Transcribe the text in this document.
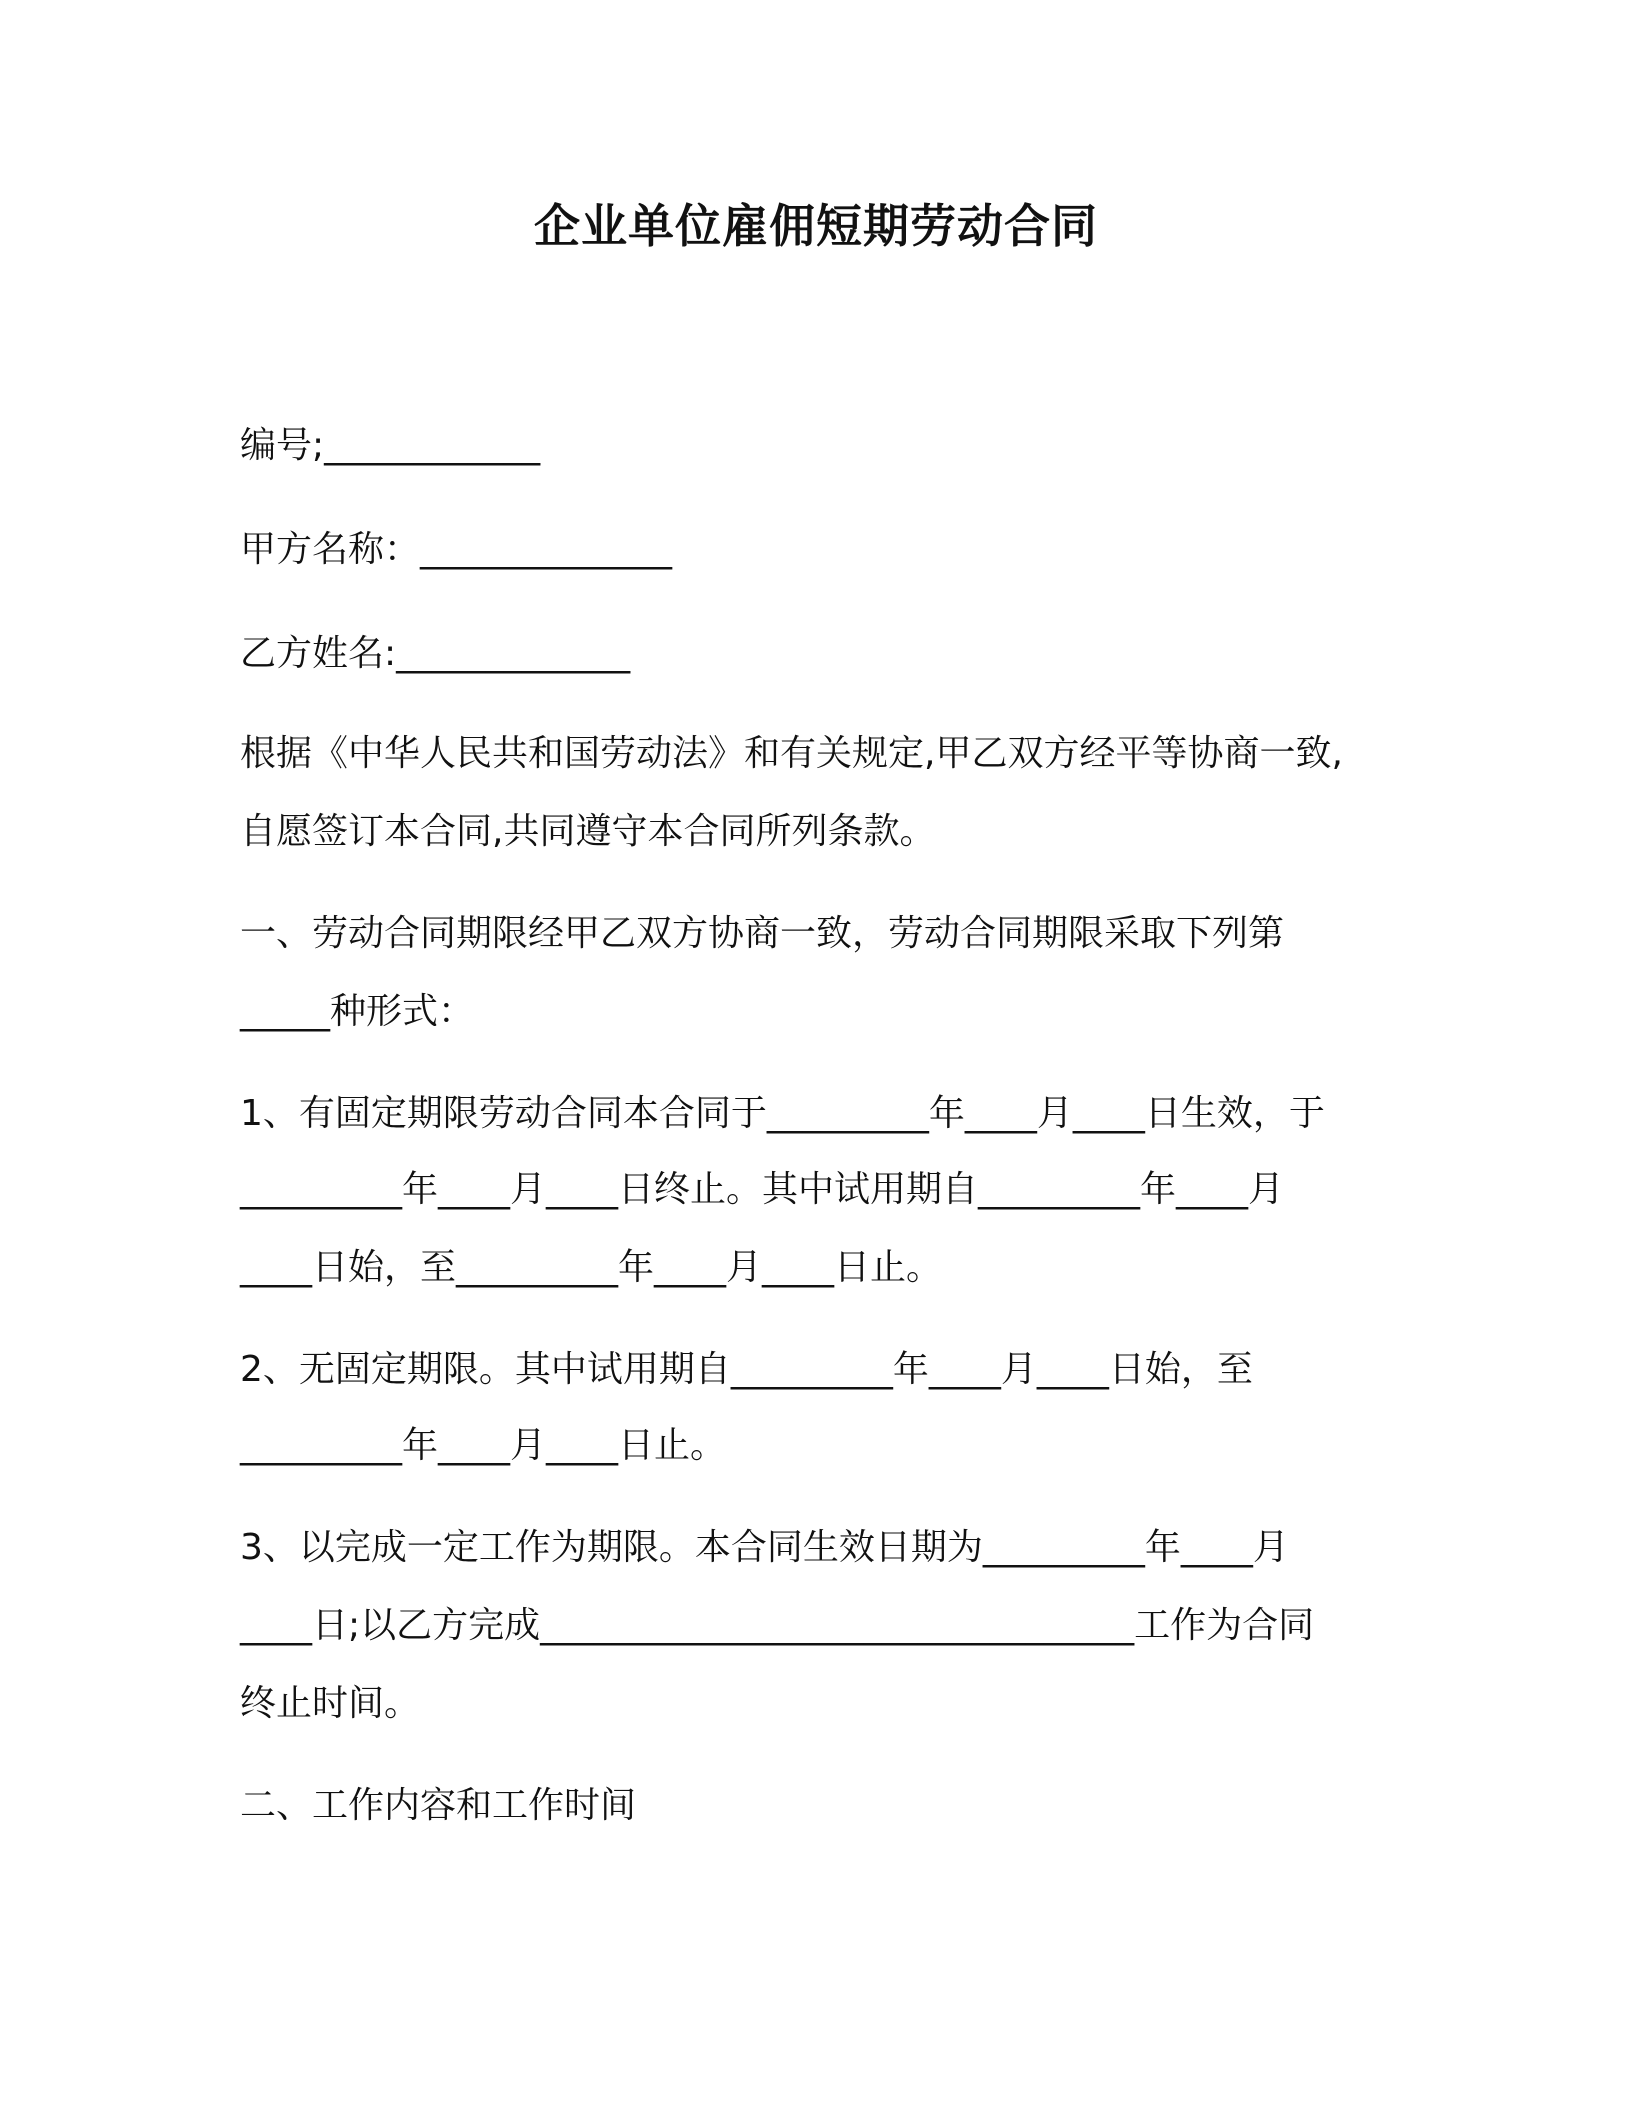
企业单位雇佣短期劳动合同

编号;____________

甲方名称：______________

乙方姓名:_____________

根据《中华人民共和国劳动法》和有关规定,甲乙双方经平等协商一致,

自愿签订本合同,共同遵守本合同所列条款。

一、劳动合同期限经甲乙双方协商一致，劳动合同期限采取下列第

_____种形式：

1、有固定期限劳动合同本合同于_________年____月____日生效，于

_________年____月____日终止。其中试用期自_________年____月

____日始，至_________年____月____日止。

2、无固定期限。其中试用期自_________年____月____日始，至

_________年____月____日止。

3、以完成一定工作为期限。本合同生效日期为_________年____月

____日;以乙方完成_________________________________工作为合同

终止时间。

二、工作内容和工作时间
